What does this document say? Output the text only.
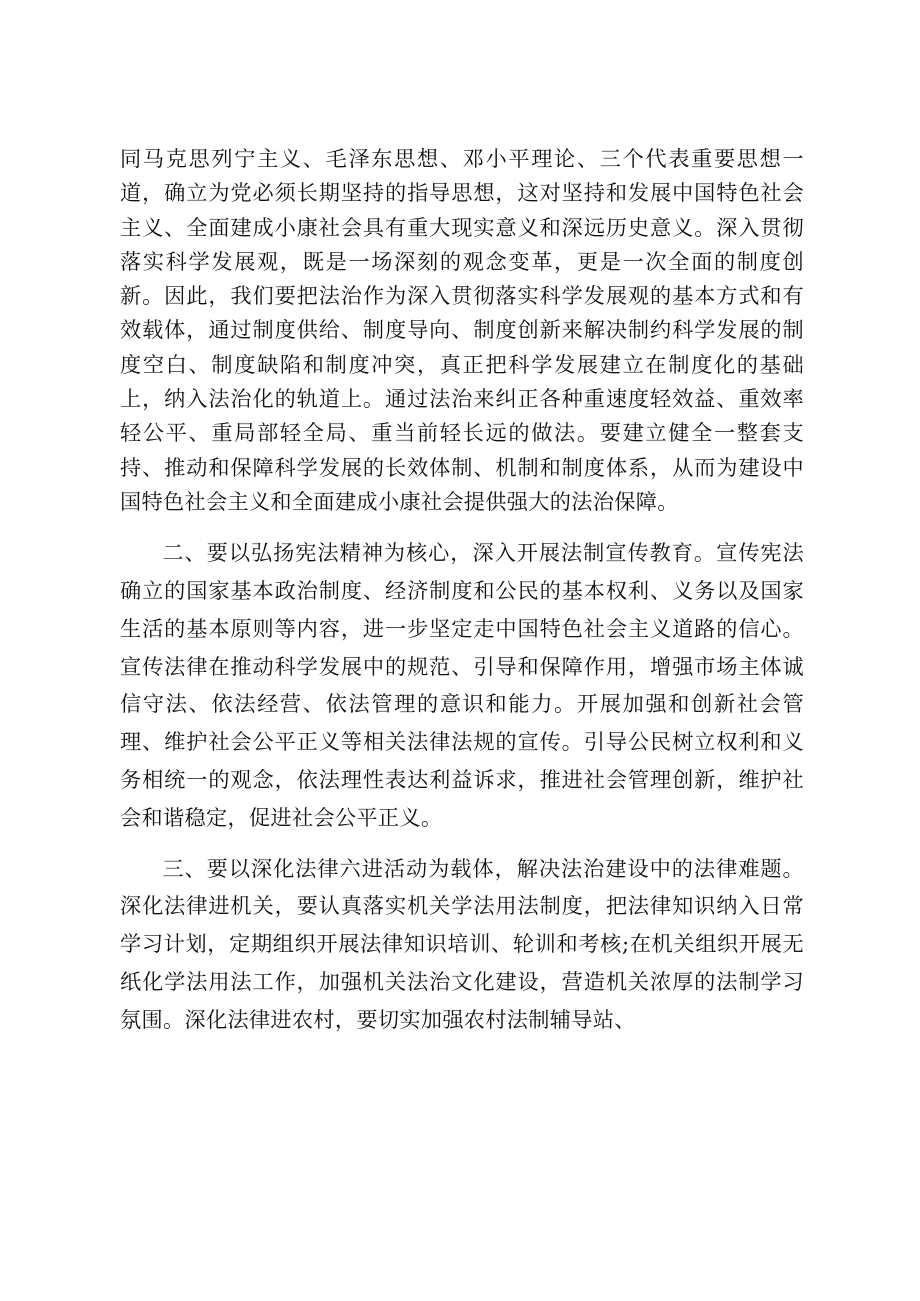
同马克思列宁主义、毛泽东思想、邓小平理论、三个代表重要思想一道，确立为党必须长期坚持的指导思想，这对坚持和发展中国特色社会主义、全面建成小康社会具有重大现实意义和深远历史意义。深入贯彻落实科学发展观，既是一场深刻的观念变革，更是一次全面的制度创新。因此，我们要把法治作为深入贯彻落实科学发展观的基本方式和有效载体，通过制度供给、制度导向、制度创新来解决制约科学发展的制度空白、制度缺陷和制度冲突，真正把科学发展建立在制度化的基础上，纳入法治化的轨道上。通过法治来纠正各种重速度轻效益、重效率轻公平、重局部轻全局、重当前轻长远的做法。要建立健全一整套支持、推动和保障科学发展的长效体制、机制和制度体系，从而为建设中国特色社会主义和全面建成小康社会提供强大的法治保障。

二、要以弘扬宪法精神为核心，深入开展法制宣传教育。宣传宪法确立的国家基本政治制度、经济制度和公民的基本权利、义务以及国家生活的基本原则等内容，进一步坚定走中国特色社会主义道路的信心。宣传法律在推动科学发展中的规范、引导和保障作用，增强市场主体诚信守法、依法经营、依法管理的意识和能力。开展加强和创新社会管理、维护社会公平正义等相关法律法规的宣传。引导公民树立权利和义务相统一的观念，依法理性表达利益诉求，推进社会管理创新，维护社会和谐稳定，促进社会公平正义。

三、要以深化法律六进活动为载体，解决法治建设中的法律难题。深化法律进机关，要认真落实机关学法用法制度，把法律知识纳入日常学习计划，定期组织开展法律知识培训、轮训和考核;在机关组织开展无纸化学法用法工作，加强机关法治文化建设，营造机关浓厚的法制学习氛围。深化法律进农村，要切实加强农村法制辅导站、
